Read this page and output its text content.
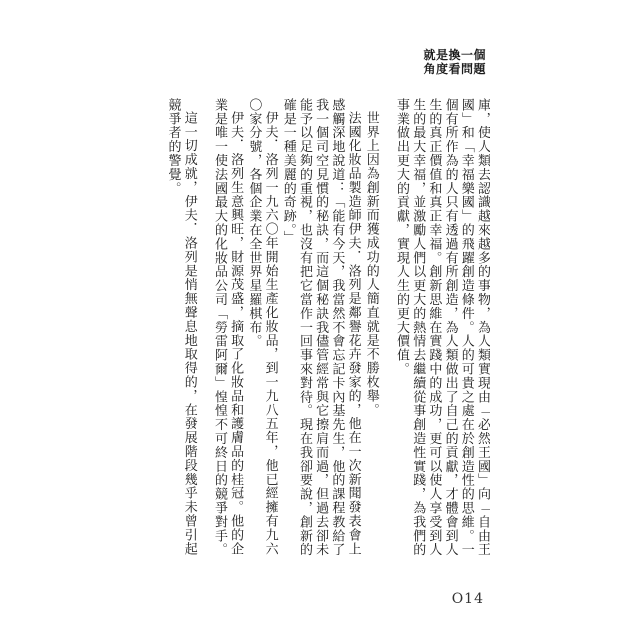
就是換一個
角度看問題

庫，使人類去認識越來越多的事物，為人類實現由「必然王國」向「自由王國」和「幸福樂國」的飛躍創造條件。人的可貴之處在於創造性的思維。一個有所作為的人只有透過有所創造，為人類做出了自己的貢獻，才體會到人生的真正價值和真正幸福。創新思維在實踐中的成功，更可以使人享受到人生的最大幸福，並激勵人們以更大的熱情去繼續從事創造性實踐，為我們的事業做出更大的貢獻，實現人生的更大價值。

世界上因為創新而獲成功的人簡直就是不勝枚舉。

法國化妝品製造師伊夫．洛列是鄰譽花卉發家的，他在一次新聞發表會上感觸深地說道：「能有今天，我當然不會忘記卡內基先生，他的課程教給了我一個司空見慣的秘訣，而這個秘訣我儘管經常與它擦肩而過，但過去卻未能予以足夠的重視，也沒有把它當作一回事來對待。現在我卻要說，創新的確是一種美麗的奇跡。」

伊夫．洛列一九六〇年開始生產化妝品，到一九八五年，他已經擁有九六〇家分號，各個企業在全世界星羅棋布。

伊夫．洛列生意興旺，財源茂盛，摘取了化妝品和護膚品的桂冠。他的企業是唯一使法國最大的化妝品公司「勞雷阿爾」惶惶不可終日的競爭對手。

這一切成就，伊夫．洛列是悄無聲息地取得的，在發展階段幾乎未曾引起競爭者的警覺。

O14
